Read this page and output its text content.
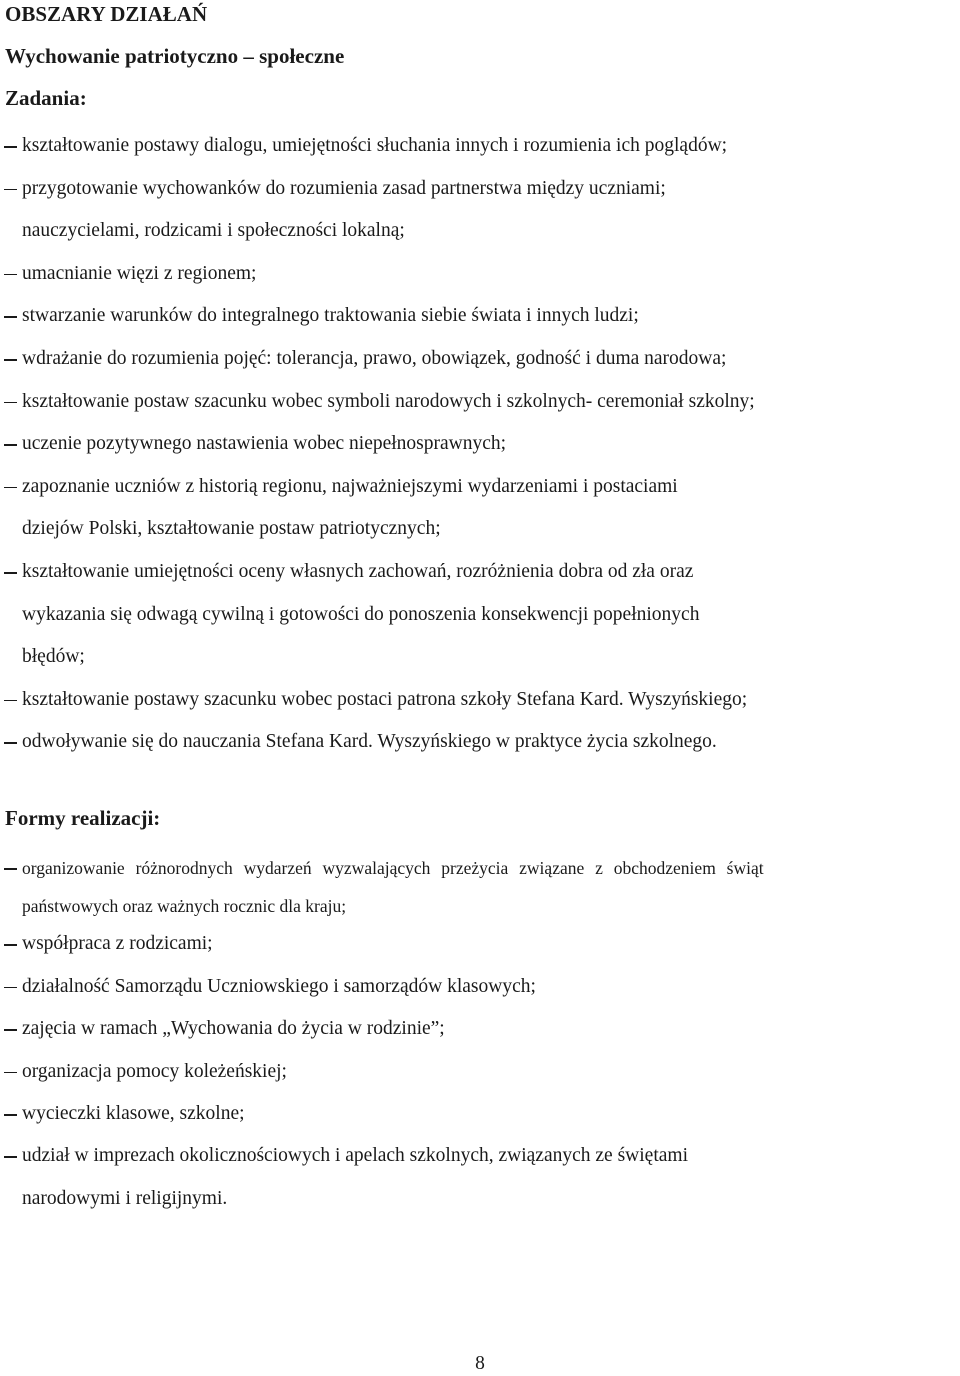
OBSZARY DZIAŁAŃ
Wychowanie patriotyczno – społeczne
Zadania:
kształtowanie postawy dialogu, umiejętności słuchania innych i rozumienia ich poglądów;
przygotowanie wychowanków do rozumienia zasad partnerstwa między uczniami;
nauczycielami, rodzicami i społeczności lokalną;
umacnianie więzi z regionem;
stwarzanie warunków do integralnego traktowania siebie świata i innych ludzi;
wdrażanie do rozumienia pojęć: tolerancja, prawo, obowiązek, godność i duma narodowa;
kształtowanie postaw szacunku wobec symboli narodowych i szkolnych- ceremoniał szkolny;
uczenie pozytywnego nastawienia wobec niepełnosprawnych;
zapoznanie uczniów z historią regionu, najważniejszymi wydarzeniami i postaciami
dziejów Polski, kształtowanie postaw patriotycznych;
kształtowanie umiejętności oceny własnych zachowań, rozróżnienia dobra od zła oraz
wykazania się odwagą cywilną i gotowości do ponoszenia konsekwencji popełnionych
błędów;
kształtowanie postawy szacunku wobec postaci patrona szkoły Stefana Kard. Wyszyńskiego;
odwoływanie się do nauczania Stefana Kard. Wyszyńskiego w praktyce życia szkolnego.
Formy realizacji:
organizowanie różnorodnych wydarzeń wyzwalających przeżycia związane z obchodzeniem świąt
państwowych oraz ważnych rocznic dla kraju;
współpraca z rodzicami;
działalność Samorządu Uczniowskiego i samorządów klasowych;
zajęcia w ramach „Wychowania do życia w rodzinie”;
organizacja pomocy koleżeńskiej;
wycieczki klasowe, szkolne;
udział w imprezach okolicznościowych i apelach szkolnych, związanych ze świętami
narodowymi i religijnymi.
8
